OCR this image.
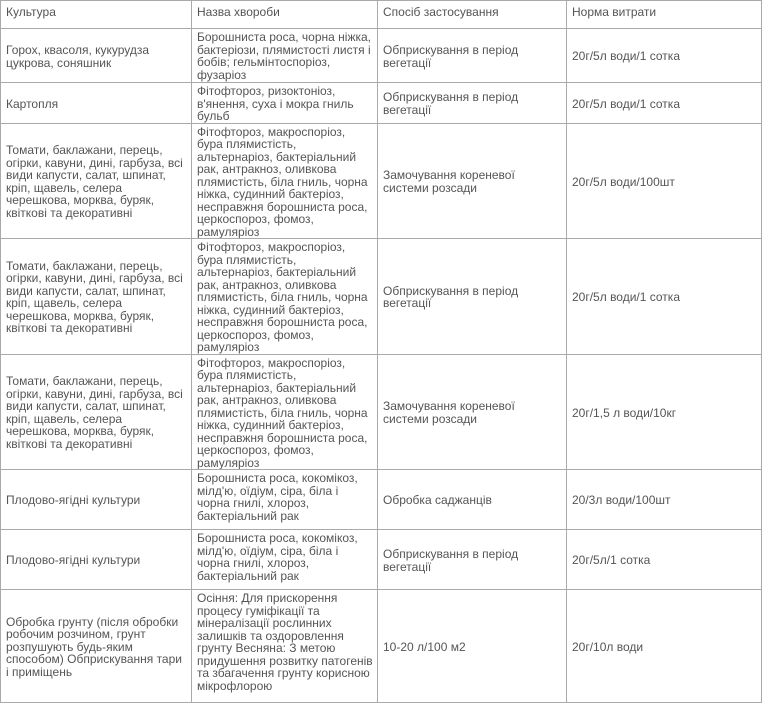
Культура	Назва хвороби	Спосіб застосування	Норма витрати
Горох, квасоля, кукурудза цукрова, соняшник	Борошниста роса, чорна ніжка, бактеріози, плямистості листя і бобів; гельмінтоспоріоз, фузаріоз	Обприскування в період вегетації	20г/5л води/1 сотка
Картопля	Фітофтороз, ризоктоніоз, в'янення, суха і мокра гниль бульб	Обприскування в період вегетації	20г/5л води/1 сотка
Томати, баклажани, перець, огірки, кавуни, дині, гарбуза, всі види капусти, салат, шпинат, кріп, щавель, селера черешкова, морква, буряк, квіткові та декоративні	Фітофтороз, макроспоріоз, бура плямистість, альтернаріоз, бактеріальний рак, антракноз, оливкова плямистість, біла гниль, чорна ніжка, судинний бактеріоз, несправжня борошниста роса, церкоспороз, фомоз, рамуляріоз	Замочування кореневої системи розсади	20г/5л води/100шт
Томати, баклажани, перець, огірки, кавуни, дині, гарбуза, всі види капусти, салат, шпинат, кріп, щавель, селера черешкова, морква, буряк, квіткові та декоративні	Фітофтороз, макроспоріоз, бура плямистість, альтернаріоз, бактеріальний рак, антракноз, оливкова плямистість, біла гниль, чорна ніжка, судинний бактеріоз, несправжня борошниста роса, церкоспороз, фомоз, рамуляріоз	Обприскування в період вегетації	20г/5л води/1 сотка
Томати, баклажани, перець, огірки, кавуни, дині, гарбуза, всі види капусти, салат, шпинат, кріп, щавель, селера черешкова, морква, буряк, квіткові та декоративні	Фітофтороз, макроспоріоз, бура плямистість, альтернаріоз, бактеріальний рак, антракноз, оливкова плямистість, біла гниль, чорна ніжка, судинний бактеріоз, несправжня борошниста роса, церкоспороз, фомоз, рамуляріоз	Замочування кореневої системи розсади	20г/1,5 л води/10кг
Плодово-ягідні культури	Борошниста роса, кокомікоз, мілд'ю, оїдіум, сіра, біла і чорна гнилі, хлороз, бактеріальний рак	Обробка саджанців	20/3л води/100шт
Плодово-ягідні культури	Борошниста роса, кокомікоз, мілд'ю, оїдіум, сіра, біла і чорна гнилі, хлороз, бактеріальний рак	Обприскування в період вегетації	20г/5л/1 сотка
Обробка грунту (після обробки робочим розчином, грунт розпушують будь-яким способом) Обприскування тари і приміщень	Осіння: Для прискорення процесу гуміфікації та мінералізації рослинних залишків та оздоровлення грунту Весняна: З метою придушення розвитку патогенів та збагачення грунту корисною мікрофлорою	10-20 л/100 м2	20г/10л води
